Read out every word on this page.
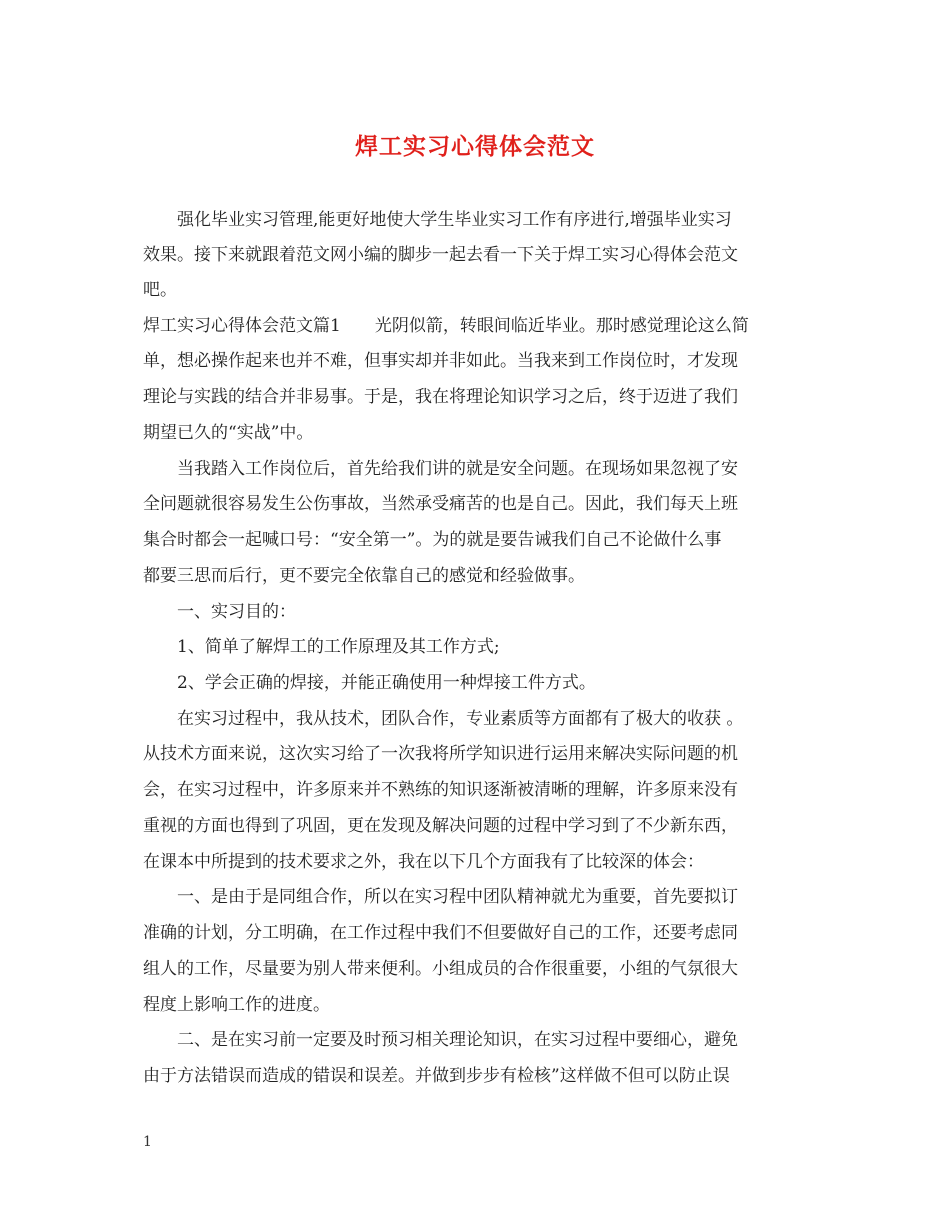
焊工实习心得体会范文
　　强化毕业实习管理,能更好地使大学生毕业实习工作有序进行,增强毕业实习
效果。接下来就跟着范文网小编的脚步一起去看一下关于焊工实习心得体会范文
吧。
焊工实习心得体会范文篇1　　光阴似箭，转眼间临近毕业。那时感觉理论这么简
单，想必操作起来也并不难，但事实却并非如此。当我来到工作岗位时，才发现
理论与实践的结合并非易事。于是，我在将理论知识学习之后，终于迈进了我们
期望已久的“实战”中。
　　当我踏入工作岗位后，首先给我们讲的就是安全问题。在现场如果忽视了安
全问题就很容易发生公伤事故，当然承受痛苦的也是自己。因此，我们每天上班
集合时都会一起喊口号：“安全第一”。为的就是要告诫我们自己不论做什么事
都要三思而后行，更不要完全依靠自己的感觉和经验做事。
　　一、实习目的：
　　1、简单了解焊工的工作原理及其工作方式;
　　2、学会正确的焊接，并能正确使用一种焊接工件方式。
　　在实习过程中，我从技术，团队合作，专业素质等方面都有了极大的收获 。
从技术方面来说，这次实习给了一次我将所学知识进行运用来解决实际问题的机
会，在实习过程中，许多原来并不熟练的知识逐渐被清晰的理解，许多原来没有
重视的方面也得到了巩固，更在发现及解决问题的过程中学习到了不少新东西，
在课本中所提到的技术要求之外，我在以下几个方面我有了比较深的体会：
　　一、是由于是同组合作，所以在实习程中团队精神就尤为重要，首先要拟订
准确的计划，分工明确，在工作过程中我们不但要做好自己的工作，还要考虑同
组人的工作，尽量要为别人带来便利。小组成员的合作很重要，小组的气氛很大
程度上影响工作的进度。
　　二、是在实习前一定要及时预习相关理论知识，在实习过程中要细心，避免
由于方法错误而造成的错误和误差。并做到步步有检核”这样做不但可以防止误
1
